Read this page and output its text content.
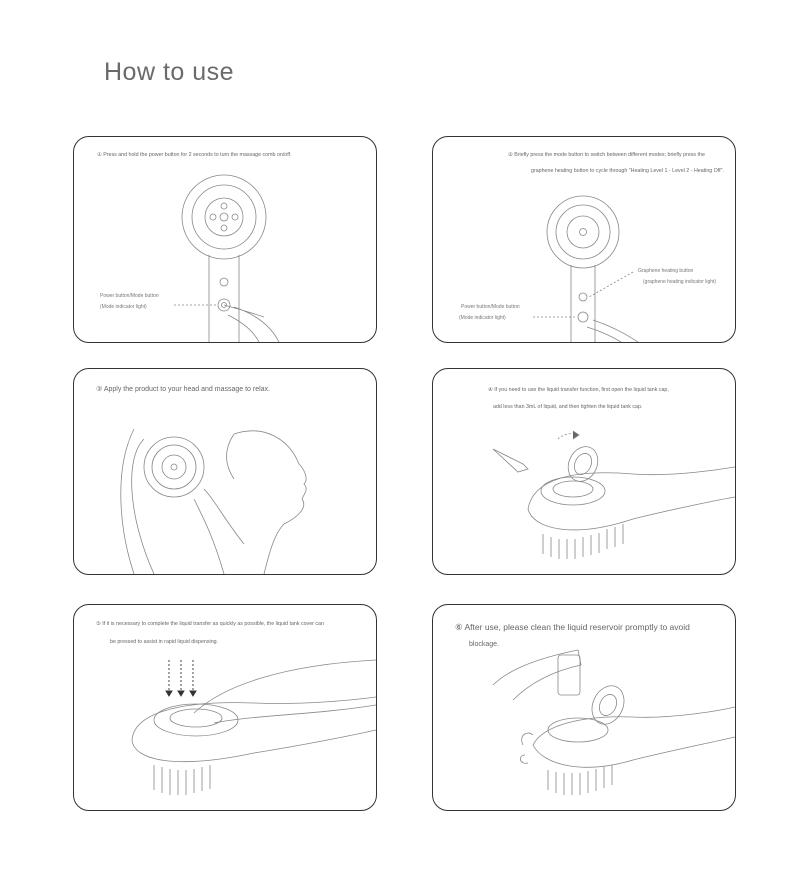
How to use
① Press and hold the power button for 2 seconds to turn the massage comb on/off.
Power button/Mode button
(Mode indicator light)
② Briefly press the mode button to switch between different modes; briefly press the
graphene heating button to cycle through "Heating Level 1 - Level 2 - Heating Off".
Graphene heating button
(graphene heating indicator light)
Power button/Mode button
(Mode indicator light)
③ Apply the product to your head and massage to relax.	④ If you need to use the liquid transfer function, first open the liquid tank cap,
add less than 3mL of liquid, and then tighten the liquid tank cap.
⑤ If it is necessary to complete the liquid transfer as quickly as possible, the liquid tank cover can
be pressed to assist in rapid liquid dispensing.
⑥ After use, please clean the liquid reservoir promptly to avoid
blockage.
